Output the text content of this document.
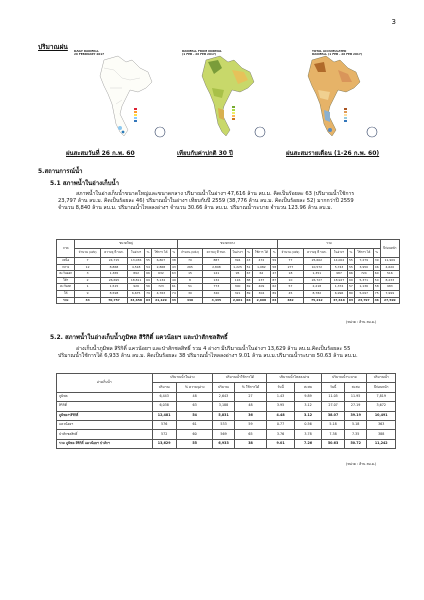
3
ปริมาณฝน DAILY RAINFALL
26 FEBRUARY 2017
RAINFALL FROM NORMAL
(1 FEB - 26 FEB 2017)
TOTAL ACCUMULATED
RAINFALL (1 FEB - 26 FEB 2017)
ฝนสะสมวันที่ 26 ก.พ. 60	เทียบกับค่าปกติ 30 ปี	ฝนสะสมรายเดือน (1-26 ก.พ. 60)
5.สถานการณ์น้ำ
5.1 สภาพน้ำในอ่างเก็บน้ำ
สภาพน้ำในอ่างเก็บน้ำขนาดใหญ่และขนาดกลาง ปริมาณน้ำในอ่างฯ 47,616 ล้าน ลบ.ม. คิดเป็นร้อยละ 63 (ปริมาณน้ำใช้การ
23,797 ล้าน ลบ.ม. คิดเป็นร้อยละ 46) ปริมาณน้ำในอ่างฯ เทียบกับปี 2559 (38,776 ล้าน ลบ.ม. คิดเป็นร้อยละ 52) มากกว่าปี 2559
จำนวน 8,840 ล้าน ลบ.ม. ปริมาณน้ำไหลลงอ่างฯ จำนวน 30.66 ล้าน ลบ.ม. ปริมาณน้ำระบาย จำนวน 123.96 ล้าน ลบ.ม.
ภาค	ขนาดใหญ่						ขนาดกลาง						รวม						ปีก่อนหน้า
	จำนวน (แห่ง)	ความจุ ที่ รนก.	ในอ่างฯ	%	ใช้การ ได้	%	จำนวน (แห่ง)	ความจุ ที่ รนก.	ในอ่างฯ	%	ใช้การ ได้	%	จำนวน (แห่ง)	ความจุ ที่ รนก.	ในอ่างฯ	%	ใช้การ ได้	%	
เหนือ	7	24,715	13,036	55	6,807	38	70	887	394	43	472	59	77	25,602	14,002	55	7,279	39	11,909
กลาง	12	8,868	4,518	54	2,868	43	265	2,898	1,225	51	1,082	58	277	10,572	5,743	55	3,950	46	4,620
ตะวันออก	3	1,365	892	66	632	63	15	141	95	67	62	47	18	1,351	987	66	724	60	516
ใต้ฯ	2	26,695	18,811	69	5,134	49	8	132	116	88	237	87	10	26,727	18,927	69	5,371	50	8,233
ตะวันตก	1	1,515	926	56	723	61	51	773	300	69	409	62	57	2,218	1,374	57	1,136	58	983
ใต้	9	8,598	6,675	79	4,763	74	30	340	321	89	304	89	45	8,782	6,996	80	5,097	75	7,999
รวม	34	70,757	44,658	63	21,129	43	440	4,435	2,961	66	2,668	64	482	75,212	47,616	63	23,797	46	27,599
(หน่วย : ล้าน ลบ.ม.)
5.2. สภาพน้ำในอ่างเก็บน้ำภูมิพล สิริกิติ์ แควน้อยฯ และป่าสักชลสิทธิ์
อ่างเก็บน้ำภูมิพล สิริกิติ์ แควน้อยฯ และป่าสักชลสิทธิ์ รวม 4 อ่างฯ มีปริมาณน้ำในอ่างฯ 13,629 ล้าน ลบ.ม.คิดเป็นร้อยละ 55
ปริมาณน้ำใช้การได้ 6,933 ล้าน ลบ.ม. คิดเป็นร้อยละ 38 ปริมาณน้ำไหลลงอ่างฯ 9.01 ล้าน ลบ.ม.ปริมาณน้ำระบาย 50.63 ล้าน ลบ.ม.
อ่างเก็บน้ำ	ปริมาณน้ำในอ่าง		ปริมาณน้ำใช้การได้		ปริมาณน้ำไหลลงอ่าง		ปริมาณน้ำระบาย		ปริมาณน้ำ
	ปริมาณ	% ความจุอ่าง	ปริมาณ	% ใช้การได้	วันนี้	สะสม	วันนี้	สะสม	ปีก่อนหน้า
ภูมิพล	6,443	48	2,643	27	1.43	9.89	11.05	11.95	7,819
สิริกิติ์	6,038	63	3,188	48	3.95	3.12	27.07	27.19	3,672
ภูมิพล+สิริกิติ์	12,481	54	5,831	36	4.48	3.12	38.07	39.19	10,491
แควน้อยฯ	576	61	533	59	0.77	0.56	5.18	5.18	363
ป่าสักชลสิทธิ์	572	60	569	65	3.76	3.78	7.38	7.35	388
รวม ภูมิพล สิริกิติ์ แควน้อยฯ ป่าสักฯ	13,629	55	6,933	38	9.01	7.26	50.63	50.72	11,242
(หน่วย : ล้าน ลบ.ม.)
